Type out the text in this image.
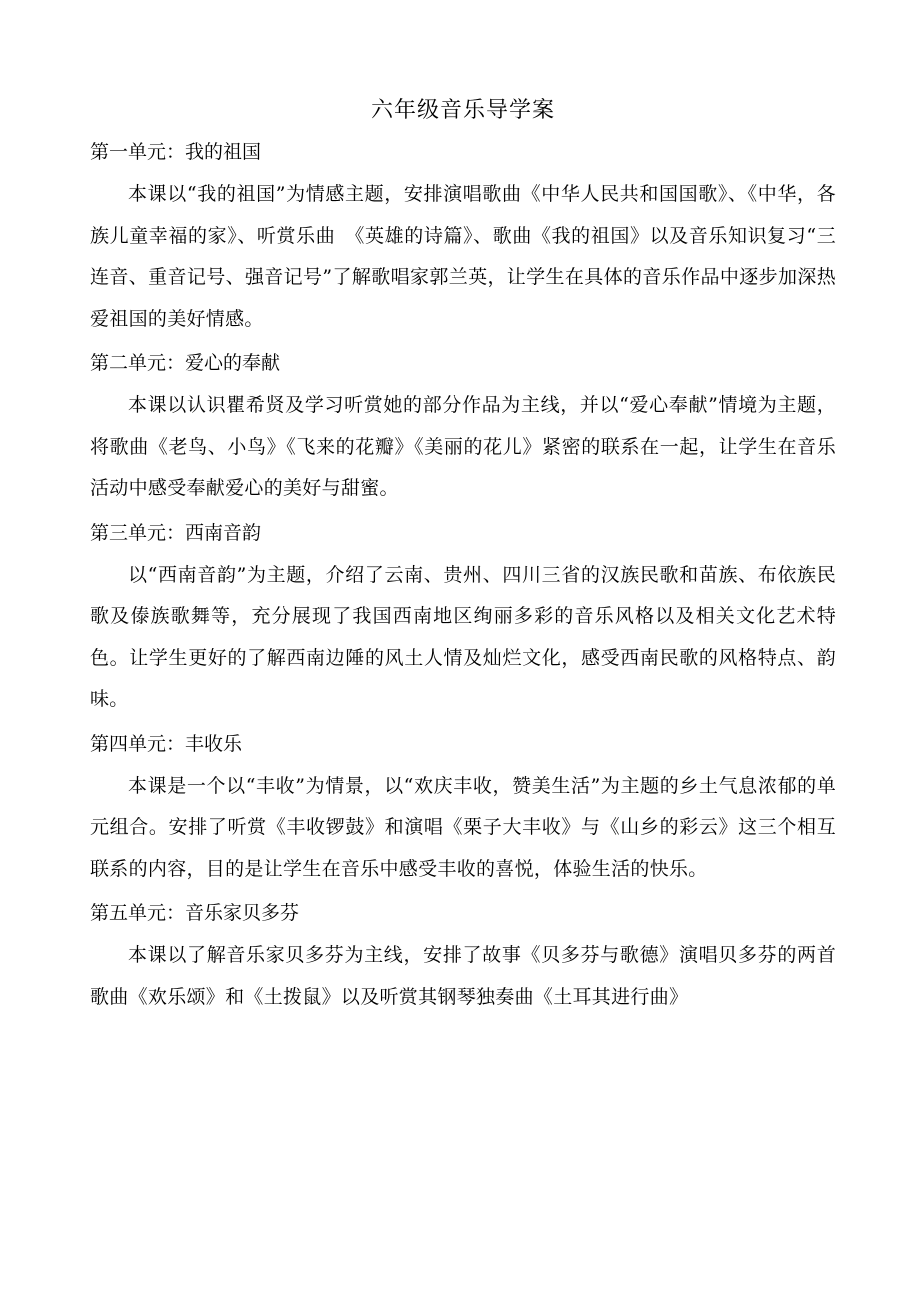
六年级音乐导学案
第一单元：我的祖国

本课以“我的祖国”为情感主题，安排演唱歌曲《中华人民共和国国歌》、《中华，各族儿童幸福的家》、听赏乐曲　《英雄的诗篇》、歌曲《我的祖国》以及音乐知识复习“三连音、重音记号、强音记号”了解歌唱家郭兰英，让学生在具体的音乐作品中逐步加深热爱祖国的美好情感。

第二单元：爱心的奉献

本课以认识瞿希贤及学习听赏她的部分作品为主线，并以“爱心奉献”情境为主题，将歌曲《老鸟、小鸟》《飞来的花瓣》《美丽的花儿》紧密的联系在一起，让学生在音乐活动中感受奉献爱心的美好与甜蜜。

第三单元：西南音韵

以“西南音韵”为主题，介绍了云南、贵州、四川三省的汉族民歌和苗族、布依族民歌及傣族歌舞等，充分展现了我国西南地区绚丽多彩的音乐风格以及相关文化艺术特色。让学生更好的了解西南边陲的风土人情及灿烂文化，感受西南民歌的风格特点、韵味。

第四单元：丰收乐

本课是一个以“丰收”为情景，以“欢庆丰收，赞美生活”为主题的乡土气息浓郁的单元组合。安排了听赏《丰收锣鼓》和演唱《栗子大丰收》与《山乡的彩云》这三个相互联系的内容，目的是让学生在音乐中感受丰收的喜悦，体验生活的快乐。

第五单元：音乐家贝多芬

本课以了解音乐家贝多芬为主线，安排了故事《贝多芬与歌德》演唱贝多芬的两首歌曲《欢乐颂》和《土拨鼠》以及听赏其钢琴独奏曲《土耳其进行曲》
